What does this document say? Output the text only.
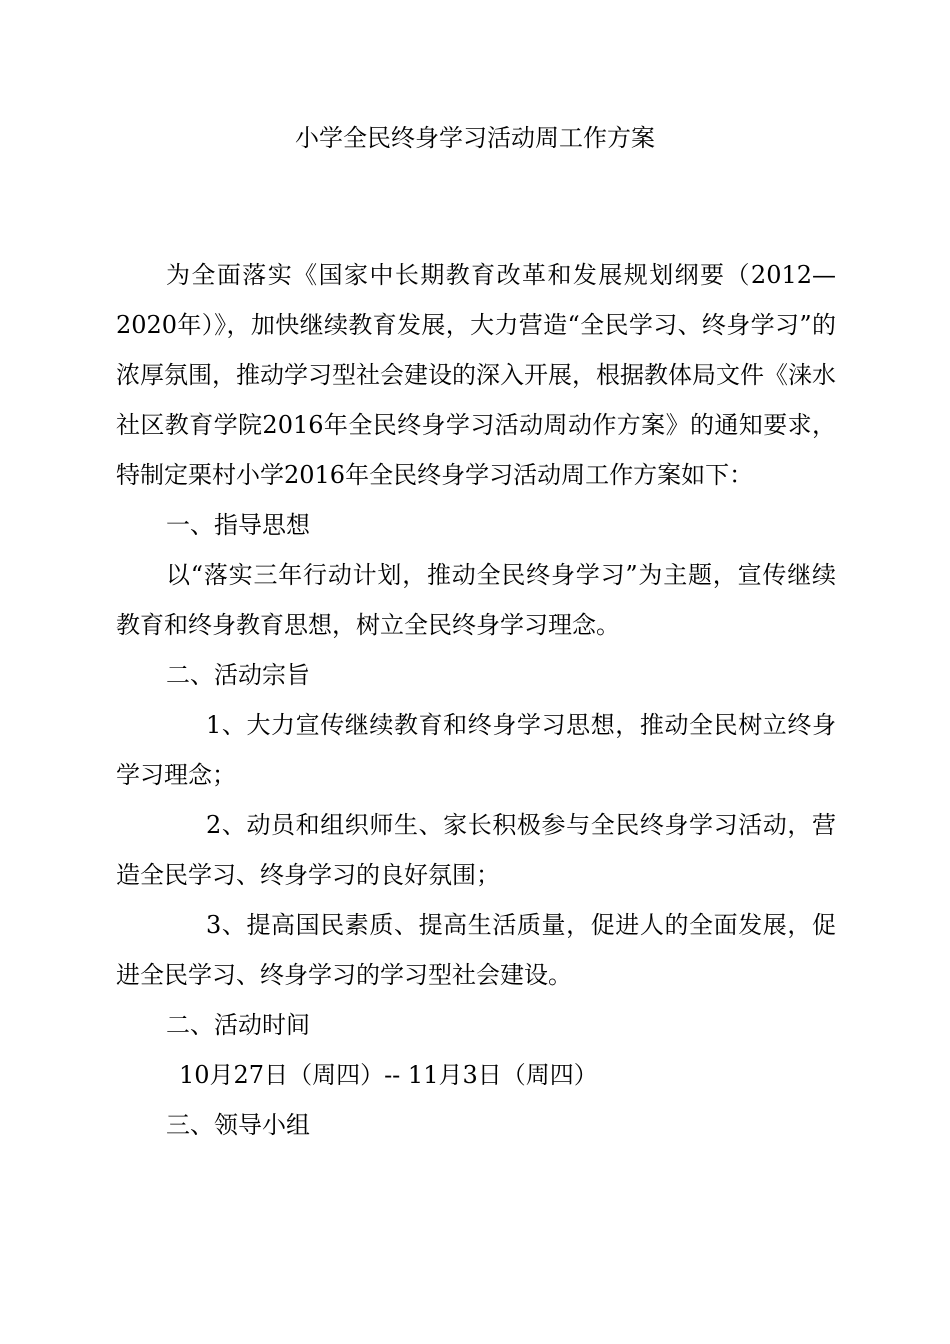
小学全民终身学习活动周工作方案

为全面落实《国家中长期教育改革和发展规划纲要（2012—2020年）》，加快继续教育发展，大力营造“全民学习、终身学习”的浓厚氛围，推动学习型社会建设的深入开展，根据教体局文件《涞水社区教育学院2016年全民终身学习活动周动作方案》的通知要求，特制定栗村小学2016年全民终身学习活动周工作方案如下：

一、指导思想

以“落实三年行动计划，推动全民终身学习”为主题，宣传继续教育和终身教育思想，树立全民终身学习理念。

二、活动宗旨

1、大力宣传继续教育和终身学习思想，推动全民树立终身学习理念；

2、动员和组织师生、家长积极参与全民终身学习活动，营造全民学习、终身学习的良好氛围；

3、提高国民素质、提高生活质量，促进人的全面发展，促进全民学习、终身学习的学习型社会建设。

二、活动时间

10月27日（周四）-- 11月3日（周四）

三、领导小组
